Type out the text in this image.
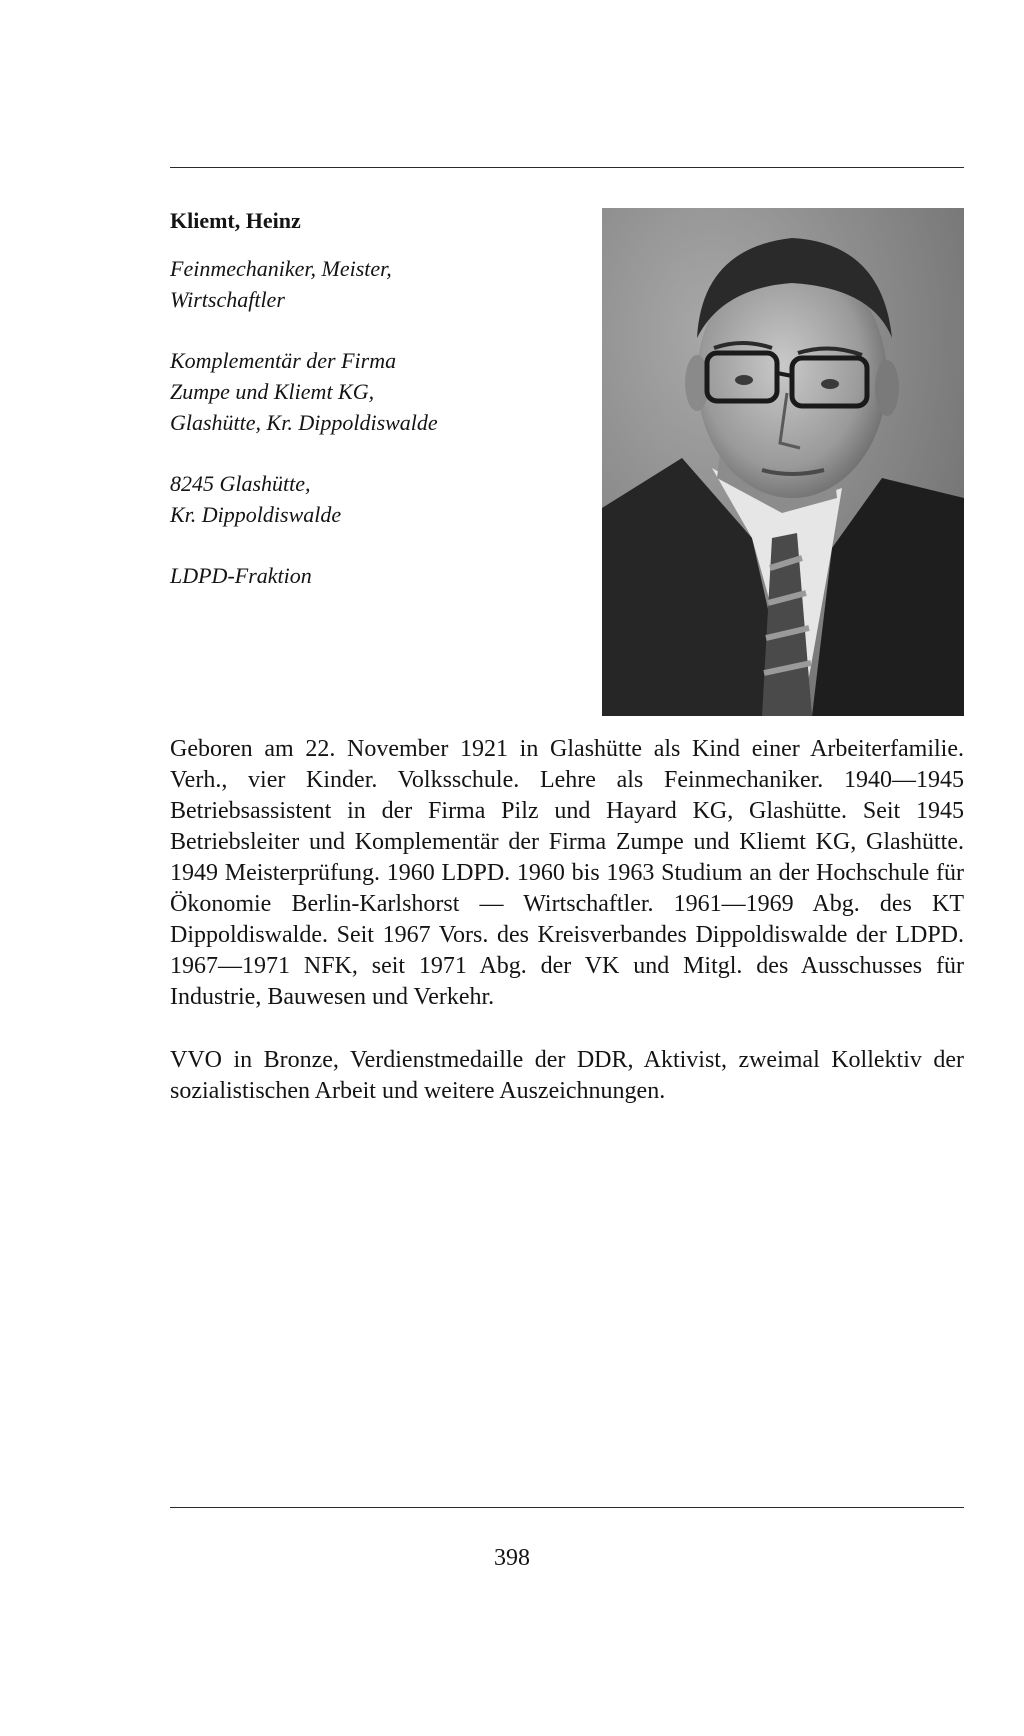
Kliemt, Heinz
Feinmechaniker, Meister,
Wirtschaftler
Komplementär der Firma
Zumpe und Kliemt KG,
Glashütte, Kr. Dippoldiswalde
8245 Glashütte,
Kr. Dippoldiswalde
LDPD-Fraktion

Geboren am 22. November 1921 in Glashütte als Kind einer Arbeiterfamilie. Verh., vier Kinder. Volksschule. Lehre als Feinmechaniker. 1940—1945 Betriebsassistent in der Firma Pilz und Hayard KG, Glashütte. Seit 1945 Betriebsleiter und Komplementär der Firma Zumpe und Kliemt KG, Glashütte. 1949 Meisterprüfung. 1960 LDPD. 1960 bis 1963 Studium an der Hochschule für Ökonomie Berlin-Karlshorst — Wirtschaftler. 1961—1969 Abg. des KT Dippoldiswalde. Seit 1967 Vors. des Kreisverbandes Dippoldiswalde der LDPD. 1967—1971 NFK, seit 1971 Abg. der VK und Mitgl. des Ausschusses für Industrie, Bauwesen und Verkehr.

VVO in Bronze, Verdienstmedaille der DDR, Aktivist, zweimal Kollektiv der sozialistischen Arbeit und weitere Auszeichnungen.

398
